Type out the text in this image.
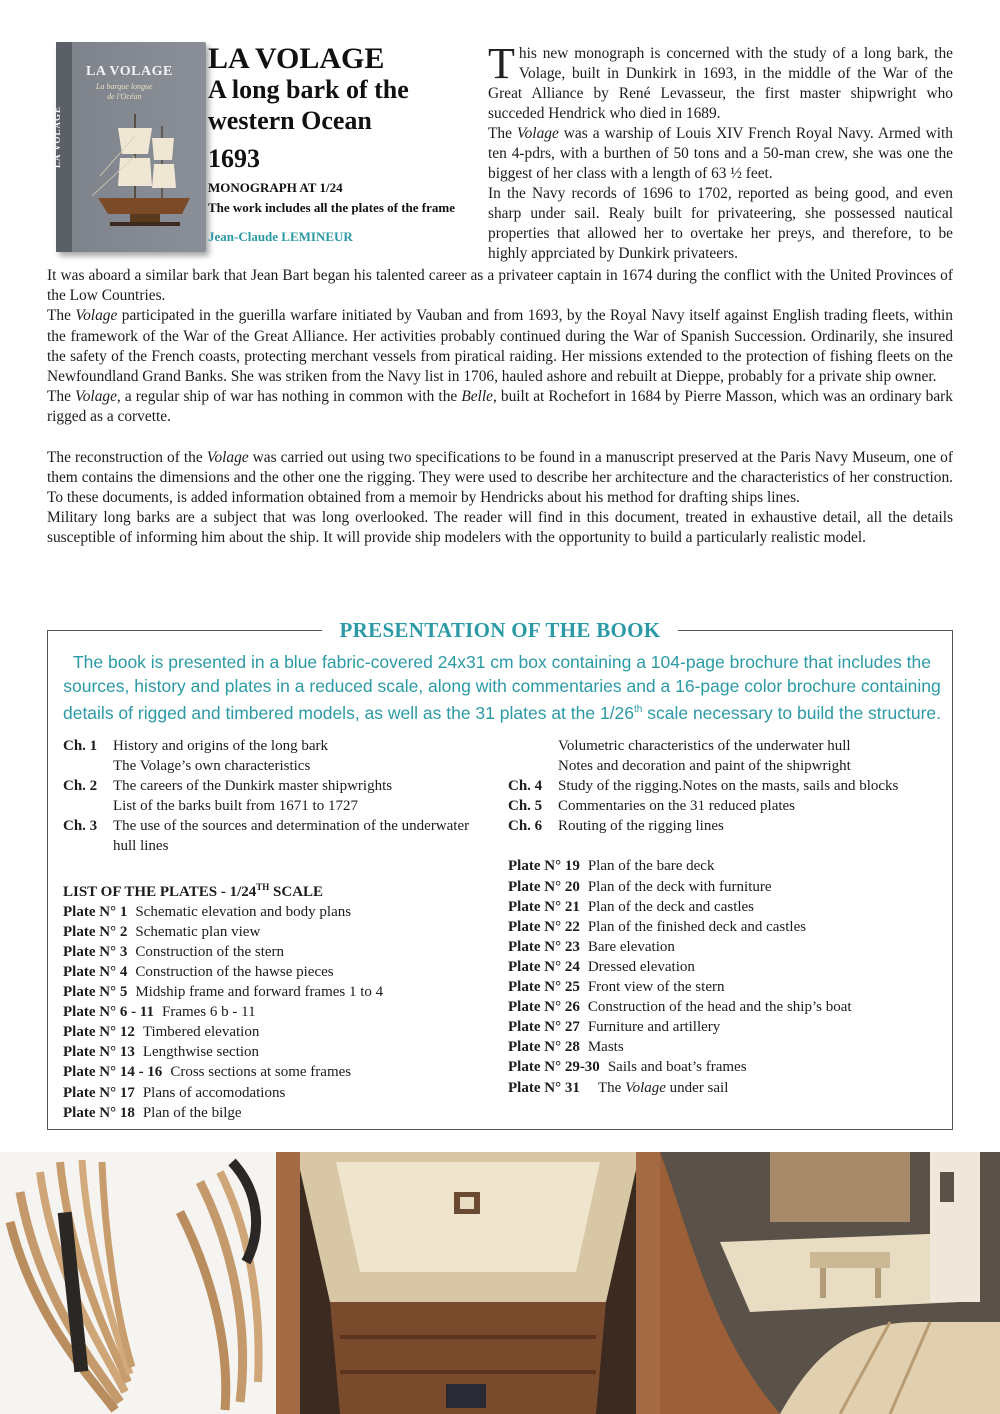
LA VOLAGE
LA VOLAGE
La barque longue
de l'Océan
LA VOLAGE
A long bark of the
western Ocean
1693
MONOGRAPH AT 1/24
The work includes all the plates of the frame
Jean-Claude LEMINEUR

This new monograph is concerned with the study of a long bark, the Volage, built in Dunkirk in 1693, in the middle of the War of the Great Alliance by René Levasseur, the first master shipwright who succeded Hendrick who died in 1689.

The Volage was a warship of Louis XIV French Royal Navy. Armed with ten 4-pdrs, with a burthen of 50 tons and a 50-man crew, she was one the biggest of her class with a length of 63 ½ feet.

In the Navy records of 1696 to 1702, reported as being good, and even sharp under sail. Realy built for privateering, she possessed nautical properties that allowed her to overtake her preys, and therefore, to be highly apprciated by Dunkirk privateers.

It was aboard a similar bark that Jean Bart began his talented career as a privateer captain in 1674 during the conflict with the United Provinces of the Low Countries.

The Volage participated in the guerilla warfare initiated by Vauban and from 1693, by the Royal Navy itself against English trading fleets, within the framework of the War of the Great Alliance. Her activities probably continued during the War of Spanish Succession. Ordinarily, she insured the safety of the French coasts, protecting merchant vessels from piratical raiding. Her missions extended to the protection of fishing fleets on the Newfoundland Grand Banks. She was striken from the Navy list in 1706, hauled ashore and rebuilt at Dieppe, probably for a private ship owner.

The Volage, a regular ship of war has nothing in common with the Belle, built at Rochefort in 1684 by Pierre Masson, which was an ordinary bark rigged as a corvette.

The reconstruction of the Volage was carried out using two specifications to be found in a manuscript preserved at the Paris Navy Museum, one of them contains the dimensions and the other one the rigging. They were used to describe her architecture and the characteristics of her construction. To these documents, is added information obtained from a memoir by Hendricks about his method for drafting ships lines.

Military long barks are a subject that was long overlooked. The reader will find in this document, treated in exhaustive detail, all the details susceptible of informing him about the ship. It will provide ship modelers with the opportunity to build a particularly realistic model.

PRESENTATION OF THE BOOK
The book is presented in a blue fabric-covered 24x31 cm box containing a 104-page brochure that includes the sources, history and plates in a reduced scale, along with commentaries and a 16-page color brochure containing details of rigged and timbered models, as well as the 31 plates at the 1/26th scale necessary to build the structure.
Ch. 1	History and origins of the long bark
The Volage’s own characteristics
Ch. 2	The careers of the Dunkirk master shipwrights
List of the barks built from 1671 to 1727
Ch. 3	The use of the sources and determination of the underwater hull lines
LIST OF THE PLATES - 1/24TH SCALE
Plate N° 1 Schematic elevation and body plans
Plate N° 2 Schematic plan view
Plate N° 3 Construction of the stern
Plate N° 4 Construction of the hawse pieces
Plate N° 5 Midship frame and forward frames 1 to 4
Plate N° 6 - 11 Frames 6 b - 11
Plate N° 12 Timbered elevation
Plate N° 13 Lengthwise section
Plate N° 14 - 16 Cross sections at some frames
Plate N° 17 Plans of accomodations
Plate N° 18 Plan of the bilge
Volumetric characteristics of the underwater hull
Notes and decoration and paint of the shipwright
Ch. 4	Study of the rigging.Notes on the masts, sails and blocks
Ch. 5	Commentaries on the 31 reduced plates
Ch. 6	Routing of the rigging lines
Plate N° 19 Plan of the bare deck
Plate N° 20 Plan of the deck with furniture
Plate N° 21 Plan of the deck and castles
Plate N° 22 Plan of the finished deck and castles
Plate N° 23 Bare elevation
Plate N° 24 Dressed elevation
Plate N° 25 Front view of the stern
Plate N° 26 Construction of the head and the ship’s boat
Plate N° 27 Furniture and artillery
Plate N° 28 Masts
Plate N° 29-30 Sails and boat’s frames
Plate N° 31	The Volage under sail
